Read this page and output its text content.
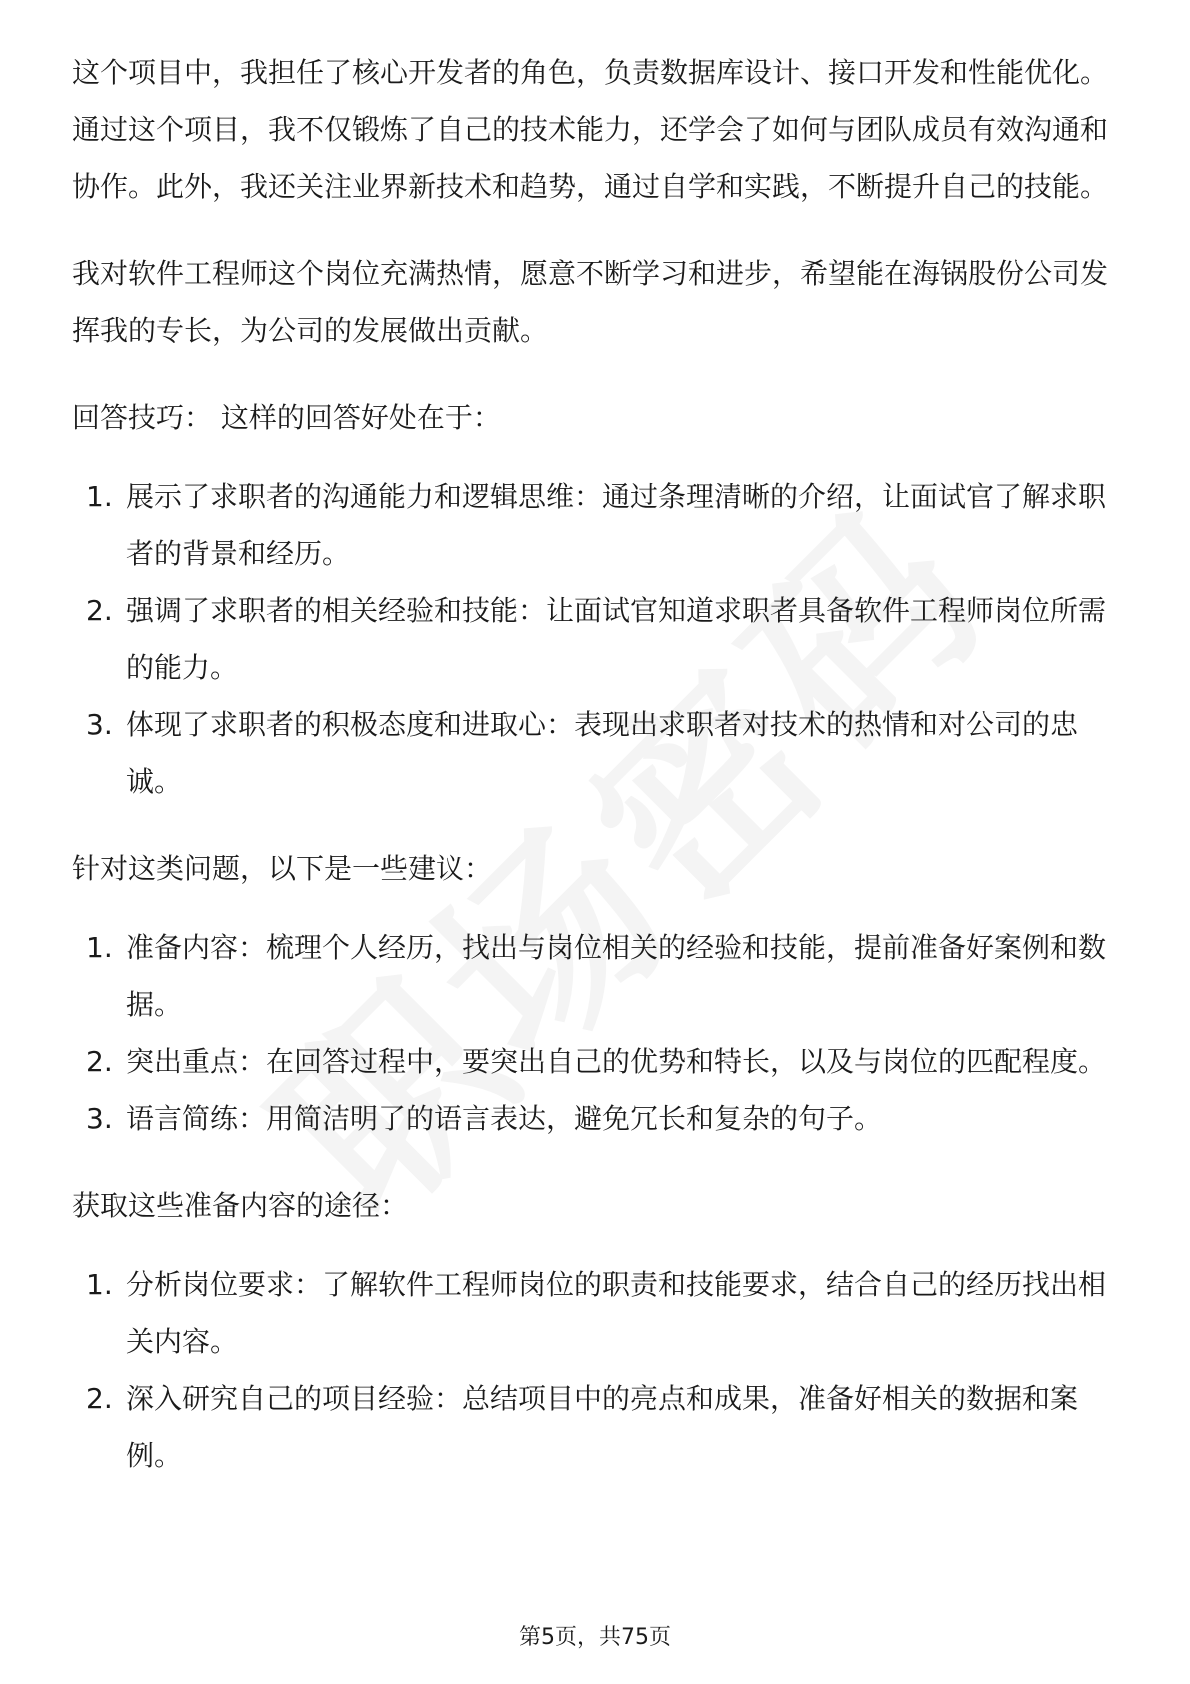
这个项目中，我担任了核心开发者的角色，负责数据库设计、接口开发和性能优化。通过这个项目，我不仅锻炼了自己的技术能力，还学会了如何与团队成员有效沟通和协作。此外，我还关注业界新技术和趋势，通过自学和实践，不断提升自己的技能。

我对软件工程师这个岗位充满热情，愿意不断学习和进步，希望能在海锅股份公司发挥我的专长，为公司的发展做出贡献。

回答技巧： 这样的回答好处在于：

1. 展示了求职者的沟通能力和逻辑思维：通过条理清晰的介绍，让面试官了解求职者的背景和经历。
2. 强调了求职者的相关经验和技能：让面试官知道求职者具备软件工程师岗位所需的能力。
3. 体现了求职者的积极态度和进取心：表现出求职者对技术的热情和对公司的忠诚。

针对这类问题，以下是一些建议：

1. 准备内容：梳理个人经历，找出与岗位相关的经验和技能，提前准备好案例和数据。
2. 突出重点：在回答过程中，要突出自己的优势和特长，以及与岗位的匹配程度。
3. 语言简练：用简洁明了的语言表达，避免冗长和复杂的句子。

获取这些准备内容的途径：

1. 分析岗位要求：了解软件工程师岗位的职责和技能要求，结合自己的经历找出相关内容。
2. 深入研究自己的项目经验：总结项目中的亮点和成果，准备好相关的数据和案例。
第5页，共75页
